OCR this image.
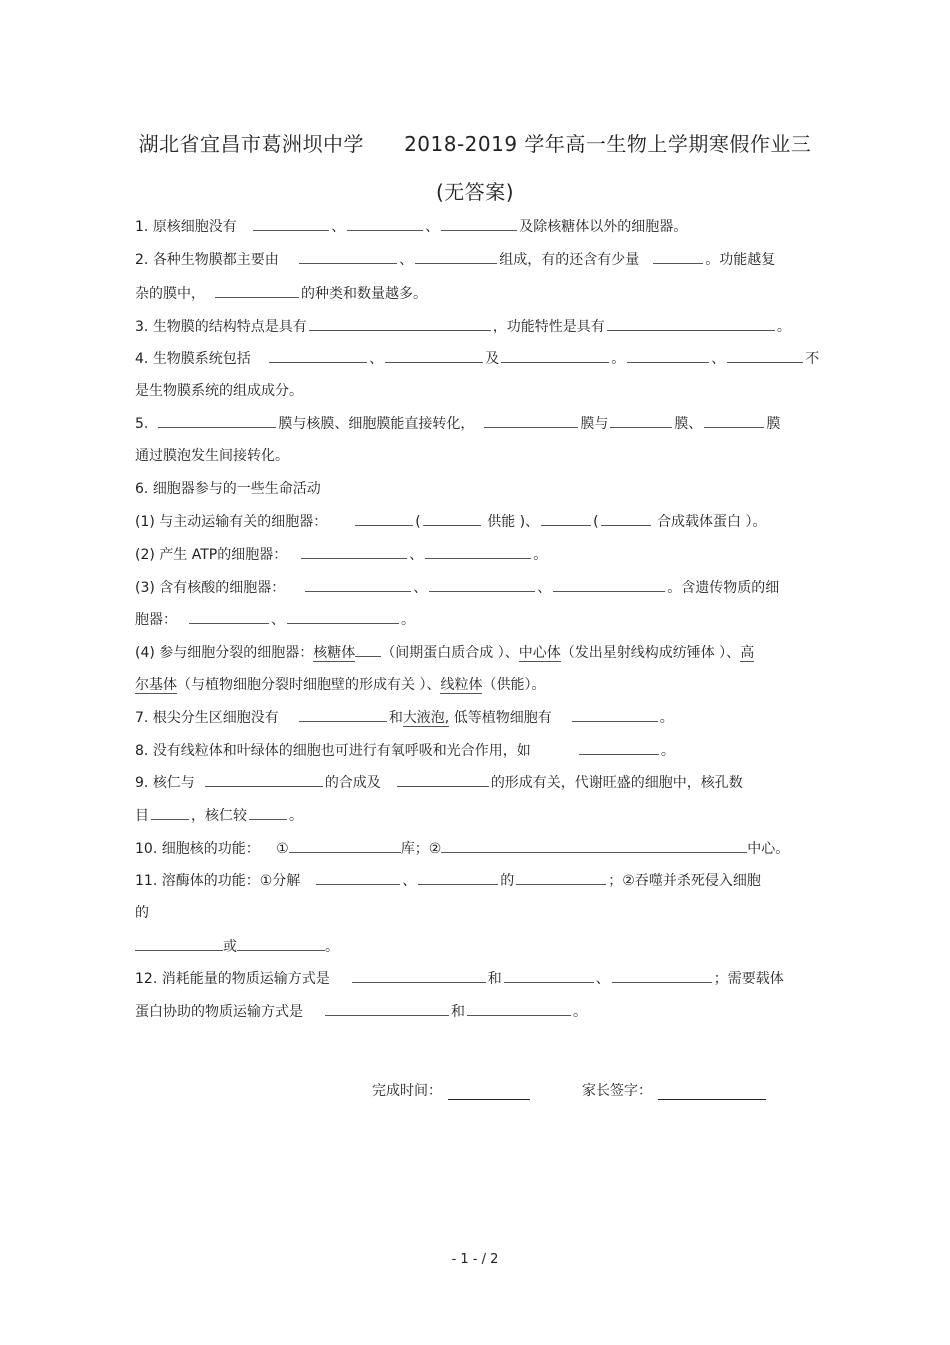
湖北省宜昌市葛洲坝中学 2018-2019 学年高一生物上学期寒假作业三
(无答案)
1. 原核细胞没有	、	、	及除核糖体以外的细胞器。
2. 各种生物膜都主要由	、	组成，有的还含有少量	。功能越复
杂的膜中，	的种类和数量越多。
3. 生物膜的结构特点是具有	，功能特性是具有	。
4. 生物膜系统包括	、	及	。	、	不
是生物膜系统的组成成分。
5.	膜与核膜、细胞膜能直接转化，	膜与	膜、	膜
通过膜泡发生间接转化。
6. 细胞器参与的一些生命活动
(1) 与主动运输有关的细胞器：	(	供能 )、	(	合成载体蛋白 ）。
(2) 产生 ATP的细胞器：	、	。
(3) 含有核酸的细胞器：	、	、	。含遗传物质的细
胞器：	、	。
(4) 参与细胞分裂的细胞器：核糖体 （间期蛋白质合成 ）、中心体（发出星射线构成纺锤体 ）、高
尔基体（与植物细胞分裂时细胞壁的形成有关 ）、线粒体（供能）。
7. 根尖分生区细胞没有	和大液泡, 低等植物细胞有	。
8. 没有线粒体和叶绿体的细胞也可进行有氧呼吸和光合作用，如	。
9. 核仁与	的合成及	的形成有关，代谢旺盛的细胞中，核孔数
目	，核仁较	。
10. 细胞核的功能： ①	库；②	中心。
11. 溶酶体的功能：①分解	、	的	；②吞噬并杀死侵入细胞
的
或	。
12. 消耗能量的物质运输方式是	和	、	；需要载体
蛋白协助的物质运输方式是	和	。
完成时间：	家长签字：
- 1 - / 2
